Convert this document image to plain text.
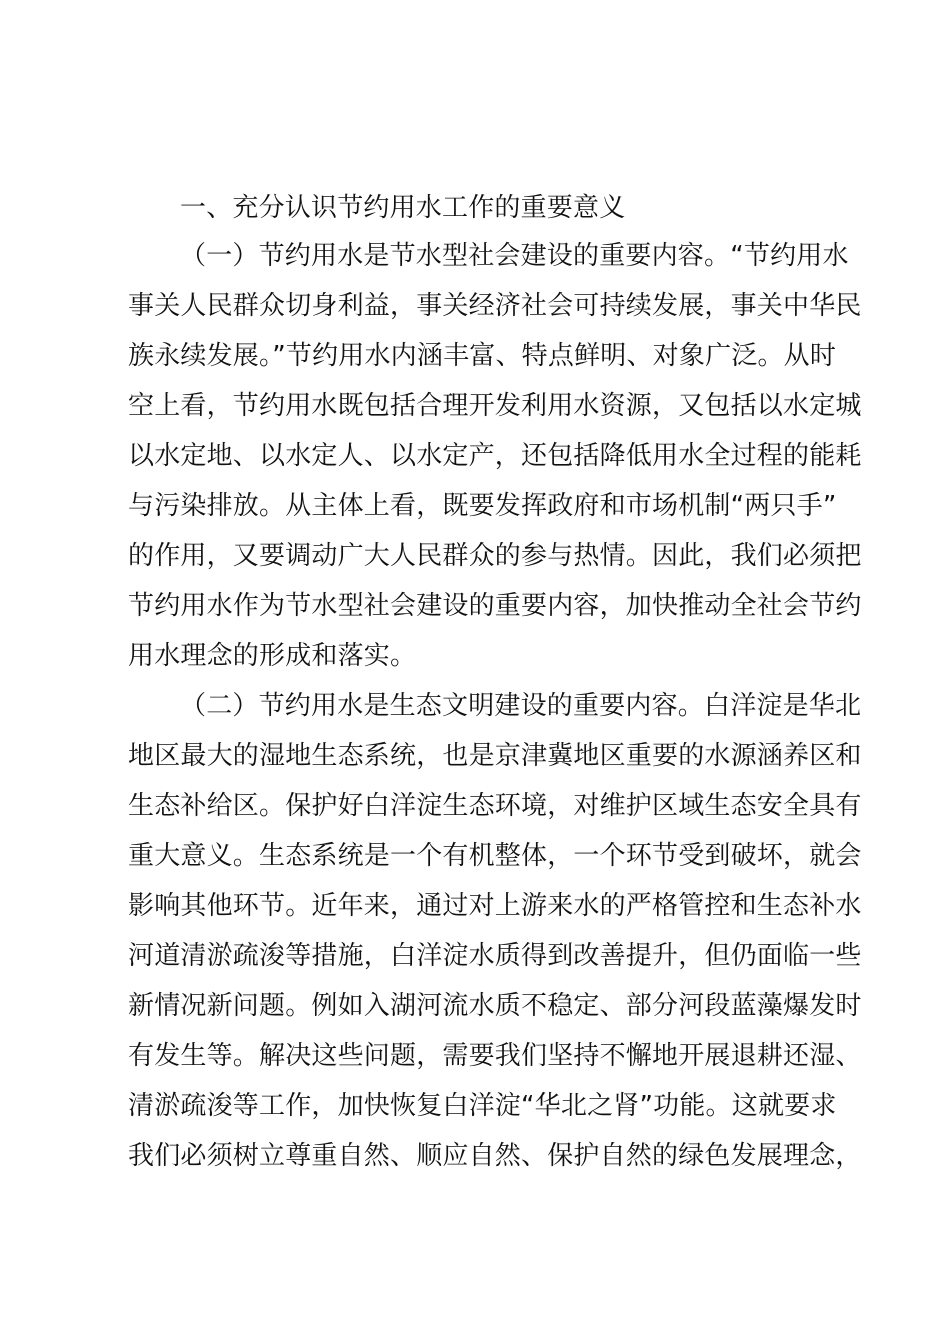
一、充分认识节约用水工作的重要意义
（一）节约用水是节水型社会建设的重要内容。“节约用水
事关人民群众切身利益，事关经济社会可持续发展，事关中华民
族永续发展。”节约用水内涵丰富、特点鲜明、对象广泛。从时
空上看，节约用水既包括合理开发利用水资源，又包括以水定城
以水定地、以水定人、以水定产，还包括降低用水全过程的能耗
与污染排放。从主体上看，既要发挥政府和市场机制“两只手”
的作用，又要调动广大人民群众的参与热情。因此，我们必须把
节约用水作为节水型社会建设的重要内容，加快推动全社会节约
用水理念的形成和落实。
（二）节约用水是生态文明建设的重要内容。白洋淀是华北
地区最大的湿地生态系统，也是京津冀地区重要的水源涵养区和
生态补给区。保护好白洋淀生态环境，对维护区域生态安全具有
重大意义。生态系统是一个有机整体，一个环节受到破坏，就会
影响其他环节。近年来，通过对上游来水的严格管控和生态补水
河道清淤疏浚等措施，白洋淀水质得到改善提升，但仍面临一些
新情况新问题。例如入湖河流水质不稳定、部分河段蓝藻爆发时
有发生等。解决这些问题，需要我们坚持不懈地开展退耕还湿、
清淤疏浚等工作，加快恢复白洋淀“华北之肾”功能。这就要求
我们必须树立尊重自然、顺应自然、保护自然的绿色发展理念，
